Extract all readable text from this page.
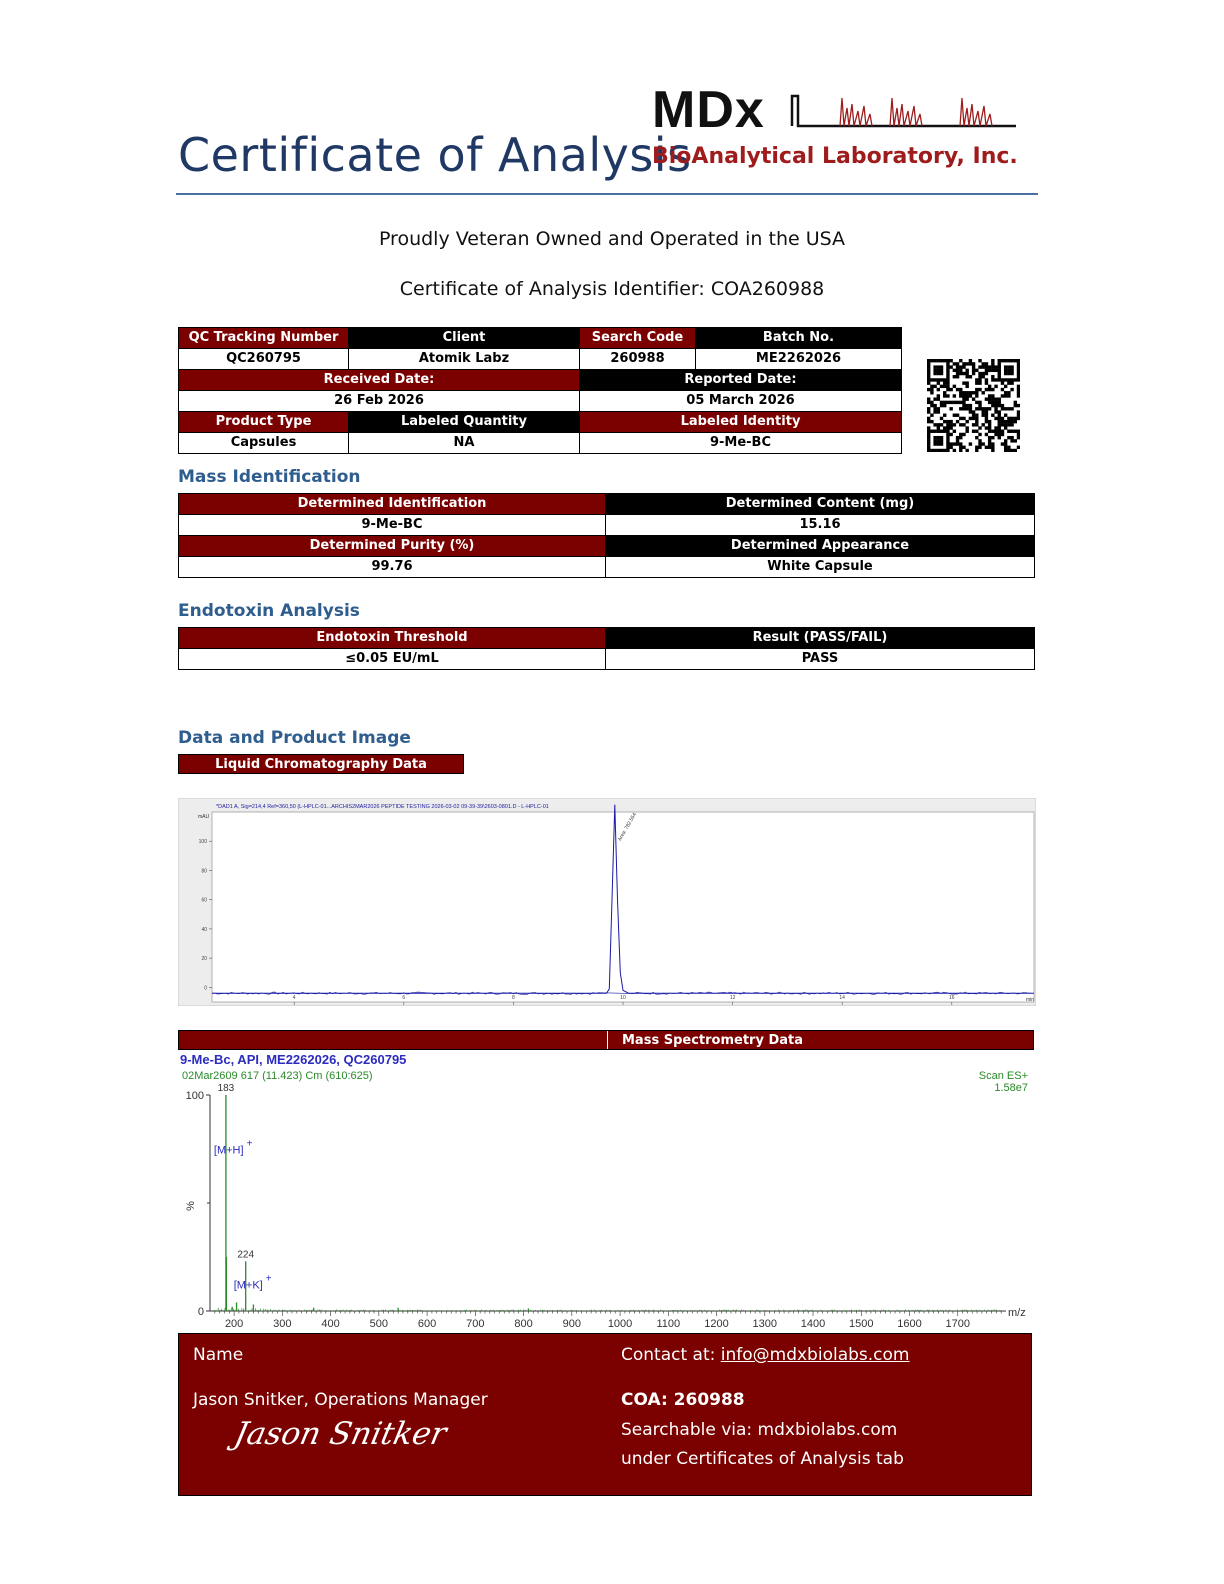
Certificate of Analysis
MDx
BioAnalytical Laboratory, Inc.
Proudly Veteran Owned and Operated in the USA
Certificate of Analysis Identifier: COA260988
QC Tracking Number	Client	Search Code	Batch No.
QC260795	Atomik Labz	260988	ME2262026
Received Date:		Reported Date:	
26 Feb 2026		05 March 2026	
Product Type	Labeled Quantity	Labeled Identity	
Capsules	NA	9-Me-BC	
Mass Identification
Determined Identification	Determined Content (mg)
9-Me-BC	15.16
Determined Purity (%)	Determined Appearance
99.76	White Capsule
Endotoxin Analysis
Endotoxin Threshold	Result (PASS/FAIL)
≤0.05 EU/mL	PASS
Data and Product Image
Liquid Chromatography Data
*DAD1 A, Sig=214,4 Ref=360,50 (L-HPLC-01...ARCHIS2MAR2026 PEPTIDE TESTING 2026-03-02 09-39-39\2603-0801.D - L-HPLC-01
mAU
min
4	6	8	10	12	14	16
0
20
40
60
80
100	Area: 782.554
Mass Spectrometry Data
9-Me-Bc, API, ME2262026, QC260795
02Mar2609 617 (11.423) Cm (610:625)	Scan ES+
1.58e7
%
m/z
0
100
200	300	400	500	600	700	800	900 1000 1100 1200 1300 1400 1500 1600 1700
183
[M+H]
+
224
[M+K]
+
Name
Jason Snitker, Operations Manager
Jason Snitker
Contact at: info@mdxbiolabs.com
COA: 260988
Searchable via: mdxbiolabs.com
under Certificates of Analysis tab
